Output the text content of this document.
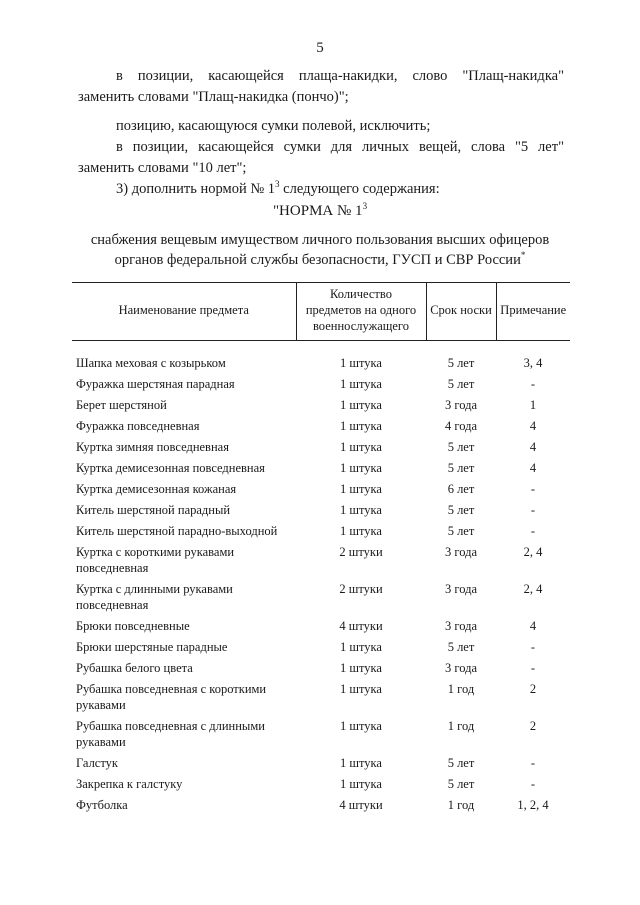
5

в позиции, касающейся плаща-накидки, слово "Плащ-накидка" заменить словами "Плащ-накидка (пончо)";

позицию, касающуюся сумки полевой, исключить;

в позиции, касающейся сумки для личных вещей, слова "5 лет" заменить словами "10 лет";

3) дополнить нормой № $1^3$ следующего содержания:

"НОРМА № $1^3$
снабжения вещевым имуществом личного пользования высших офицеров
органов федеральной службы безопасности, ГУСП и СВР России*
Наименование предмета	Количество предметов на одного военнослужащего	Срок носки	Примечание

Шапка меховая с козырьком	1 штука	5 лет	3, 4
Фуражка шерстяная парадная	1 штука	5 лет	-
Берет шерстяной	1 штука	3 года	1
Фуражка повседневная	1 штука	4 года	4
Куртка зимняя повседневная	1 штука	5 лет	4
Куртка демисезонная повседневная	1 штука	5 лет	4
Куртка демисезонная кожаная	1 штука	6 лет	-
Китель шерстяной парадный	1 штука	5 лет	-
Китель шерстяной парадно-выходной	1 штука	5 лет	-
Куртка с короткими рукавами повседневная	2 штуки	3 года	2, 4
Куртка с длинными рукавами повседневная	2 штуки	3 года	2, 4
Брюки повседневные	4 штуки	3 года	4
Брюки шерстяные парадные	1 штука	5 лет	-
Рубашка белого цвета	1 штука	3 года	-
Рубашка повседневная с короткими рукавами	1 штука	1 год	2
Рубашка повседневная с длинными рукавами	1 штука	1 год	2
Галстук	1 штука	5 лет	-
Закрепка к галстуку	1 штука	5 лет	-
Футболка	4 штуки	1 год	1, 2, 4
